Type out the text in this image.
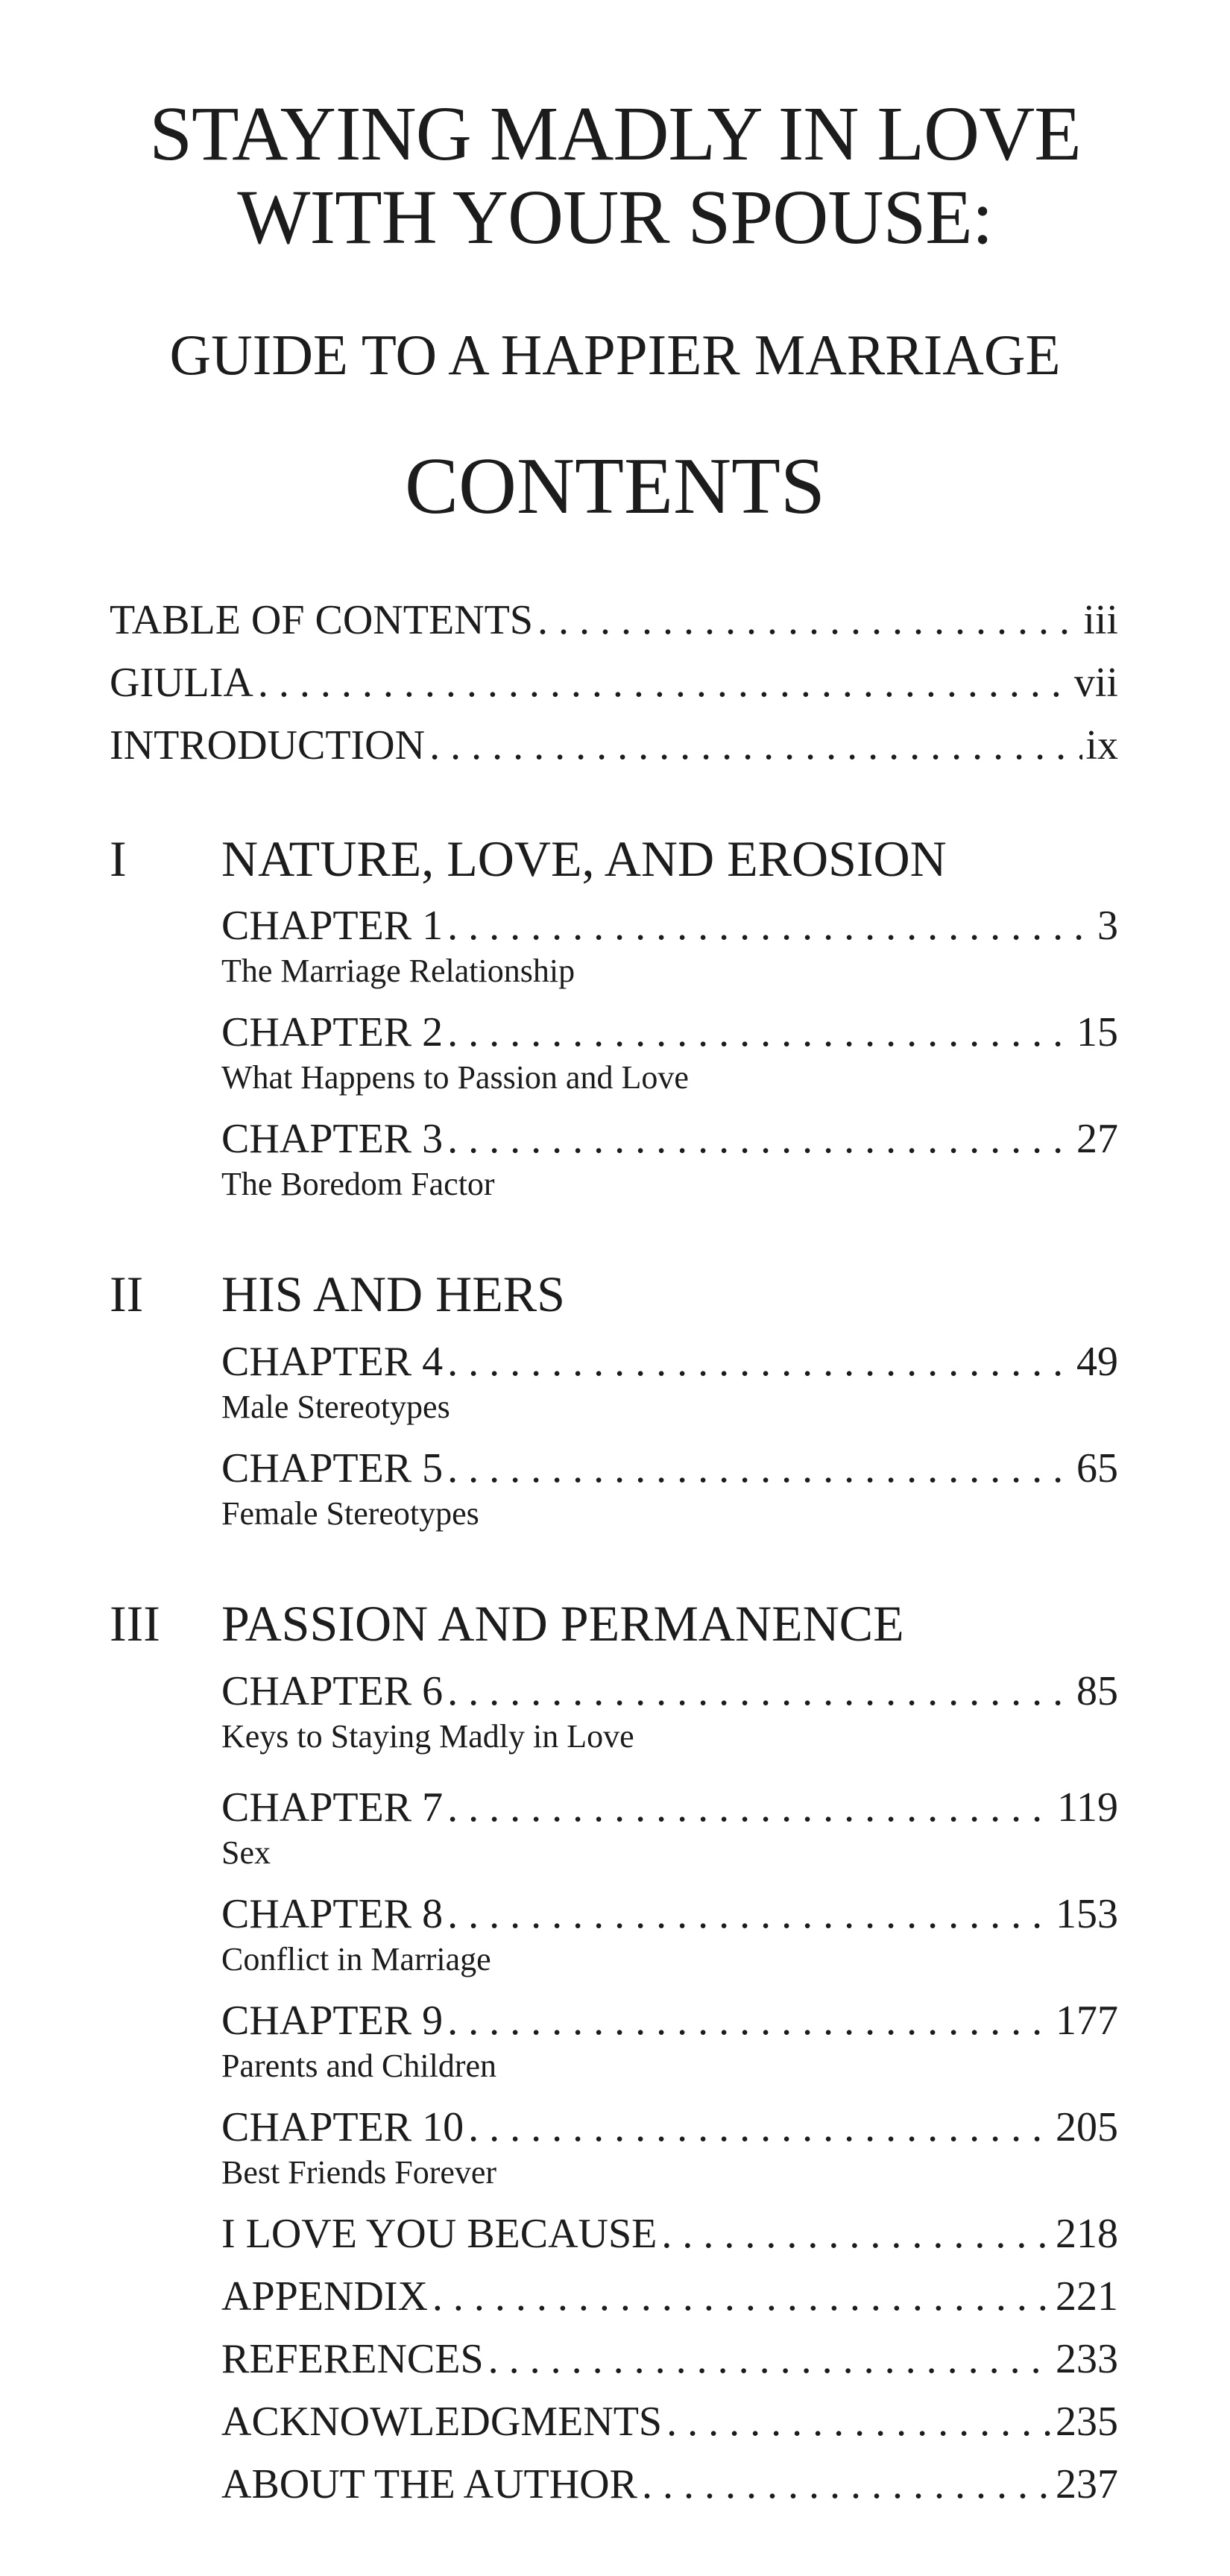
STAYING MADLY IN LOVE
WITH YOUR SPOUSE:
GUIDE TO A HAPPIER MARRIAGE
CONTENTS
TABLE OF CONTENTS . . .	iii
GIULIA . . .	vii
INTRODUCTION . . .	ix
I NATURE, LOVE, AND EROSION
CHAPTER 1 . . .	3
The Marriage Relationship
CHAPTER 2 . . .	15
What Happens to Passion and Love
CHAPTER 3 . . .	27
The Boredom Factor
II HIS AND HERS
CHAPTER 4 . . .	49
Male Stereotypes
CHAPTER 5 . . .	65
Female Stereotypes
III PASSION AND PERMANENCE
CHAPTER 6 . . .	85
Keys to Staying Madly in Love
CHAPTER 7 . . .	119
Sex
CHAPTER 8 . . .	153
Conflict in Marriage
CHAPTER 9 . . .	177
Parents and Children
CHAPTER 10 . . .	205
Best Friends Forever
I LOVE YOU BECAUSE . . .	218
APPENDIX . . .	221
REFERENCES . . .	233
ACKNOWLEDGMENTS . . .	235
ABOUT THE AUTHOR . . .	237
